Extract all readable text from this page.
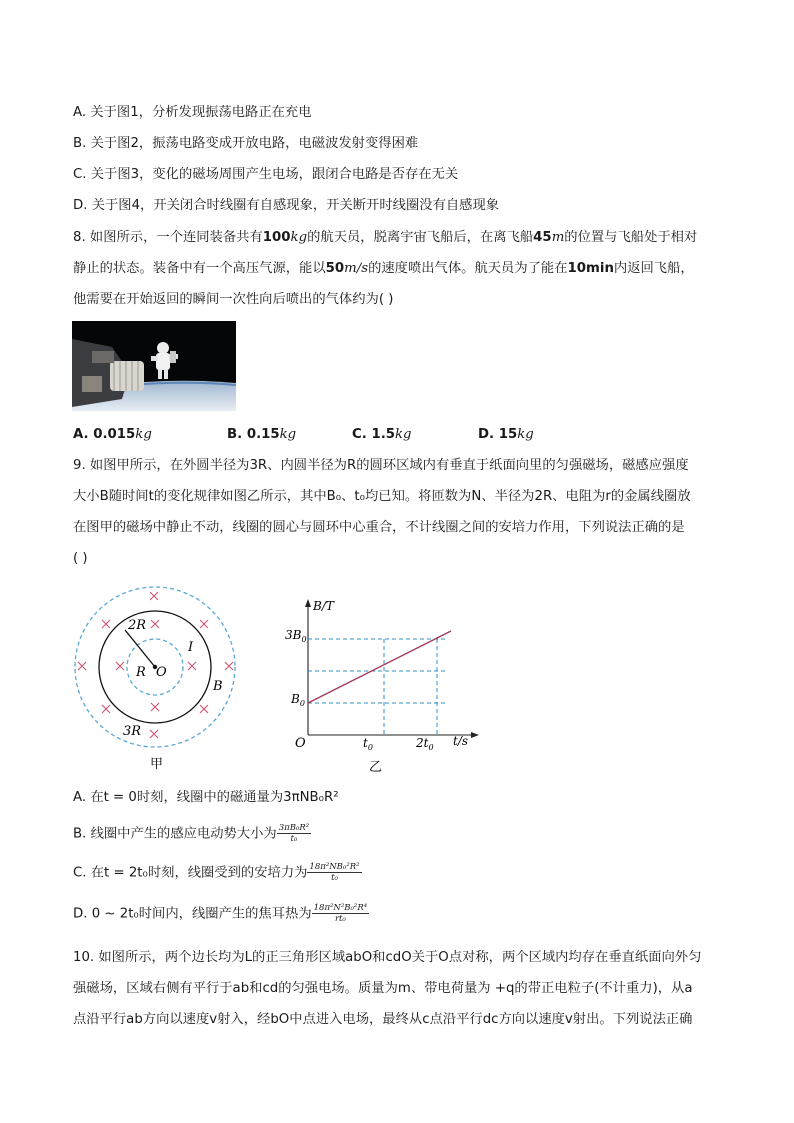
A. 关于图1，分析发现振荡电路正在充电
B. 关于图2，振荡电路变成开放电路，电磁波发射变得困难
C. 关于图3，变化的磁场周围产生电场，跟闭合电路是否存在无关
D. 关于图4，开关闭合时线圈有自感现象，开关断开时线圈没有自感现象
8. 如图所示，一个连同装备共有100kg的航天员，脱离宇宙飞船后，在离飞船45m的位置与飞船处于相对
静止的状态。装备中有一个高压气源，能以50m/s的速度喷出气体。航天员为了能在10min内返回飞船，
他需要在开始返回的瞬间一次性向后喷出的气体约为( )
A. 0.015kg	B. 0.15kg	C. 1.5kg	D. 15kg
9. 如图甲所示，在外圆半径为3R、内圆半径为R的圆环区域内有垂直于纸面向里的匀强磁场，磁感应强度
大小B随时间t的变化规律如图乙所示，其中B₀、t₀均已知。将匝数为N、半径为2R、电阻为r的金属线圈放
在图甲的磁场中静止不动，线圈的圆心与圆环中心重合，不计线圈之间的安培力作用，下列说法正确的是
( )
2R
R O
I
B
3R
甲
B/T
t/s
O
$3B_0$
$B_0$
$t_0$	$2t_0$
乙
A. 在t = 0时刻，线圈中的磁通量为3πNB₀R²
B. 线圈中产生的感应电动势大小为 $\frac{\text{3πB₀R²}}{\text{t₀}}$
C. 在t = 2t₀时刻，线圈受到的安培力为 $\frac{\text{18π²NB₀²R²}}{\text{t₀}}$
D. 0 ~ 2t₀时间内，线圈产生的焦耳热为 $\frac{\text{18π²N²B₀²R⁴}}{\text{rt₀}}$
10. 如图所示，两个边长均为L的正三角形区域abO和cdO关于O点对称，两个区域内均存在垂直纸面向外匀
强磁场，区域右侧有平行于ab和cd的匀强电场。质量为m、带电荷量为 +q的带正电粒子(不计重力)，从a
点沿平行ab方向以速度v射入，经bO中点进入电场，最终从c点沿平行dc方向以速度v射出。下列说法正确
